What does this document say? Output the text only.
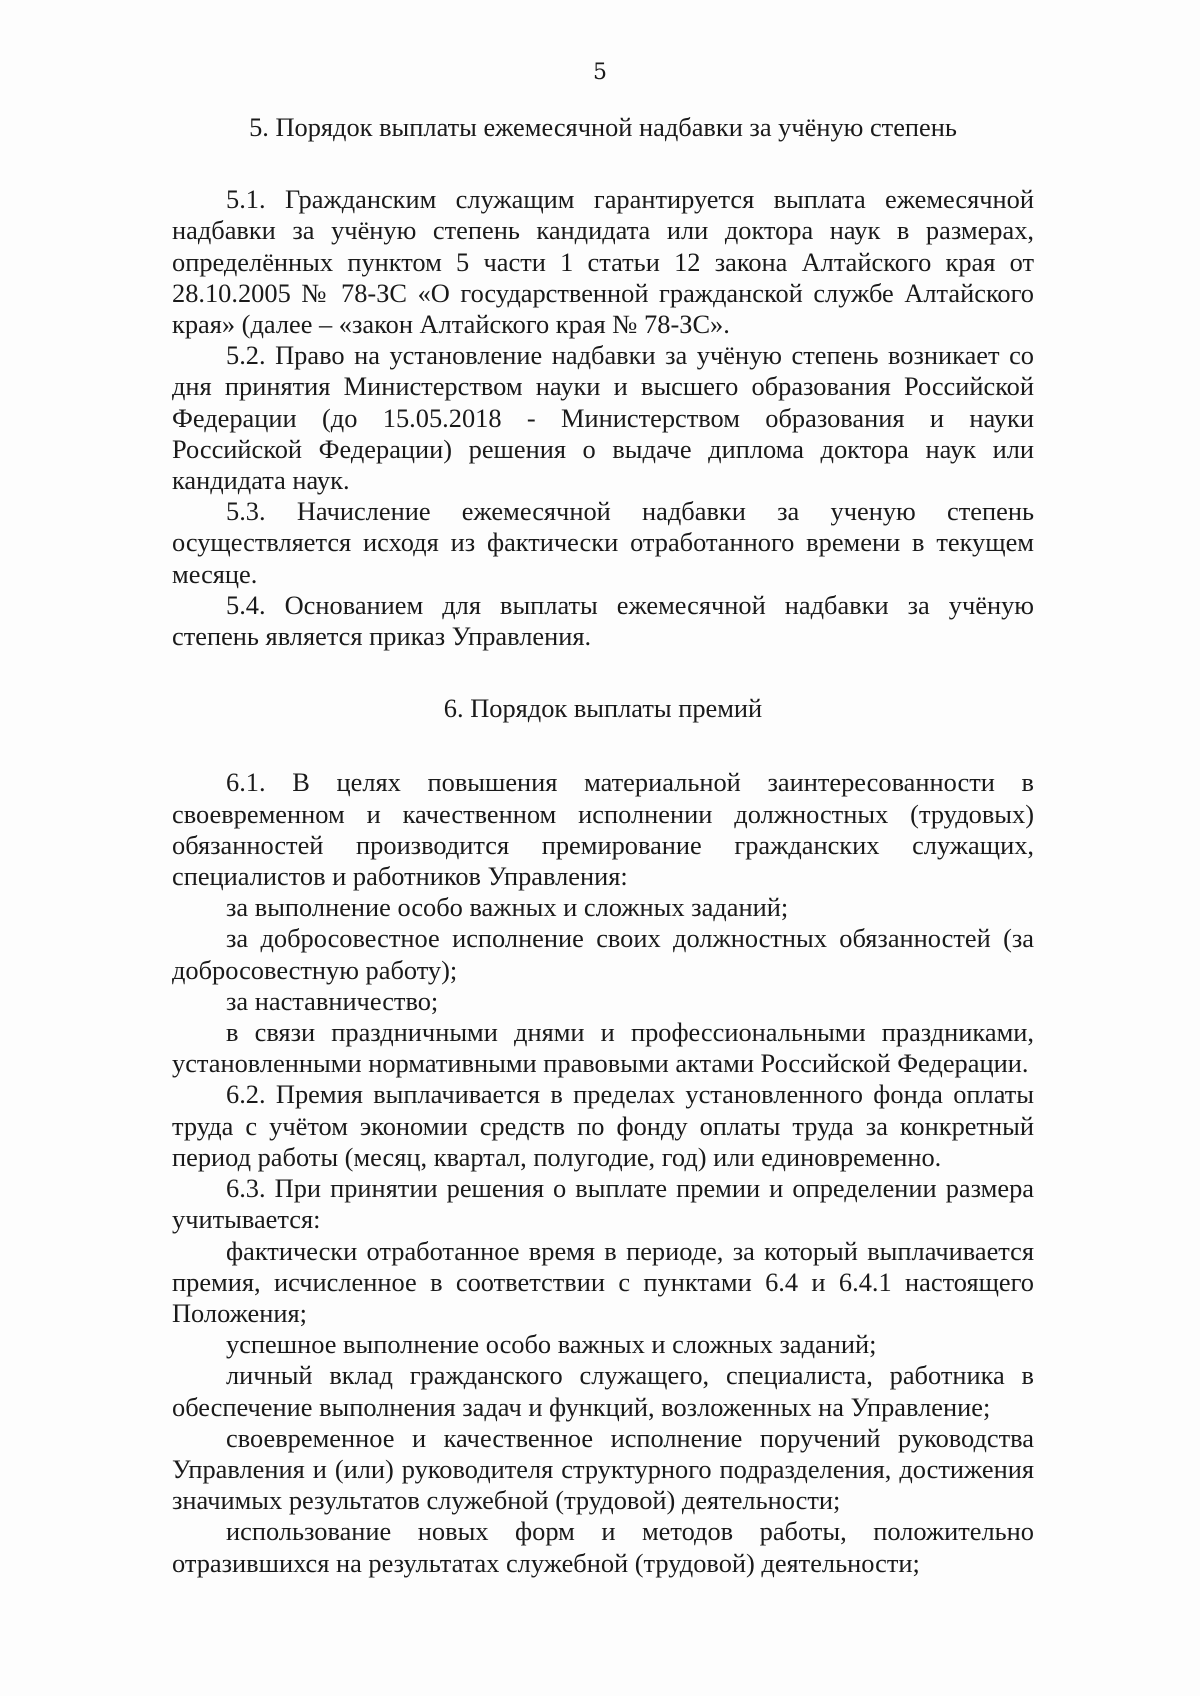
5
5. Порядок выплаты ежемесячной надбавки за учёную степень

5.1. Гражданским служащим гарантируется выплата ежемесячной надбавки за учёную степень кандидата или доктора наук в размерах, определённых пунктом 5 части 1 статьи 12 закона Алтайского края от 28.10.2005 № 78-ЗС «О государственной гражданской службе Алтайского края» (далее – «закон Алтайского края № 78-ЗС».

5.2. Право на установление надбавки за учёную степень возникает со дня принятия Министерством науки и высшего образования Российской Федерации (до 15.05.2018 - Министерством образования и науки Российской Федерации) решения о выдаче диплома доктора наук или кандидата наук.

5.3. Начисление ежемесячной надбавки за ученую степень осуществляется исходя из фактически отработанного времени в текущем месяце.

5.4. Основанием для выплаты ежемесячной надбавки за учёную степень является приказ Управления.

6. Порядок выплаты премий

6.1. В целях повышения материальной заинтересованности в своевременном и качественном исполнении должностных (трудовых) обязанностей производится премирование гражданских служащих, специалистов и работников Управления:

за выполнение особо важных и сложных заданий;

за добросовестное исполнение своих должностных обязанностей (за добросовестную работу);

за наставничество;

в связи праздничными днями и профессиональными праздниками, установленными нормативными правовыми актами Российской Федерации.

6.2. Премия выплачивается в пределах установленного фонда оплаты труда с учётом экономии средств по фонду оплаты труда за конкретный период работы (месяц, квартал, полугодие, год) или единовременно.

6.3. При принятии решения о выплате премии и определении размера учитывается:

фактически отработанное время в периоде, за который выплачивается премия, исчисленное в соответствии с пунктами 6.4 и 6.4.1 настоящего Положения;

успешное выполнение особо важных и сложных заданий;

личный вклад гражданского служащего, специалиста, работника в обеспечение выполнения задач и функций, возложенных на Управление;

своевременное и качественное исполнение поручений руководства Управления и (или) руководителя структурного подразделения, достижения значимых результатов служебной (трудовой) деятельности;

использование новых форм и методов работы, положительно отразившихся на результатах служебной (трудовой) деятельности;
